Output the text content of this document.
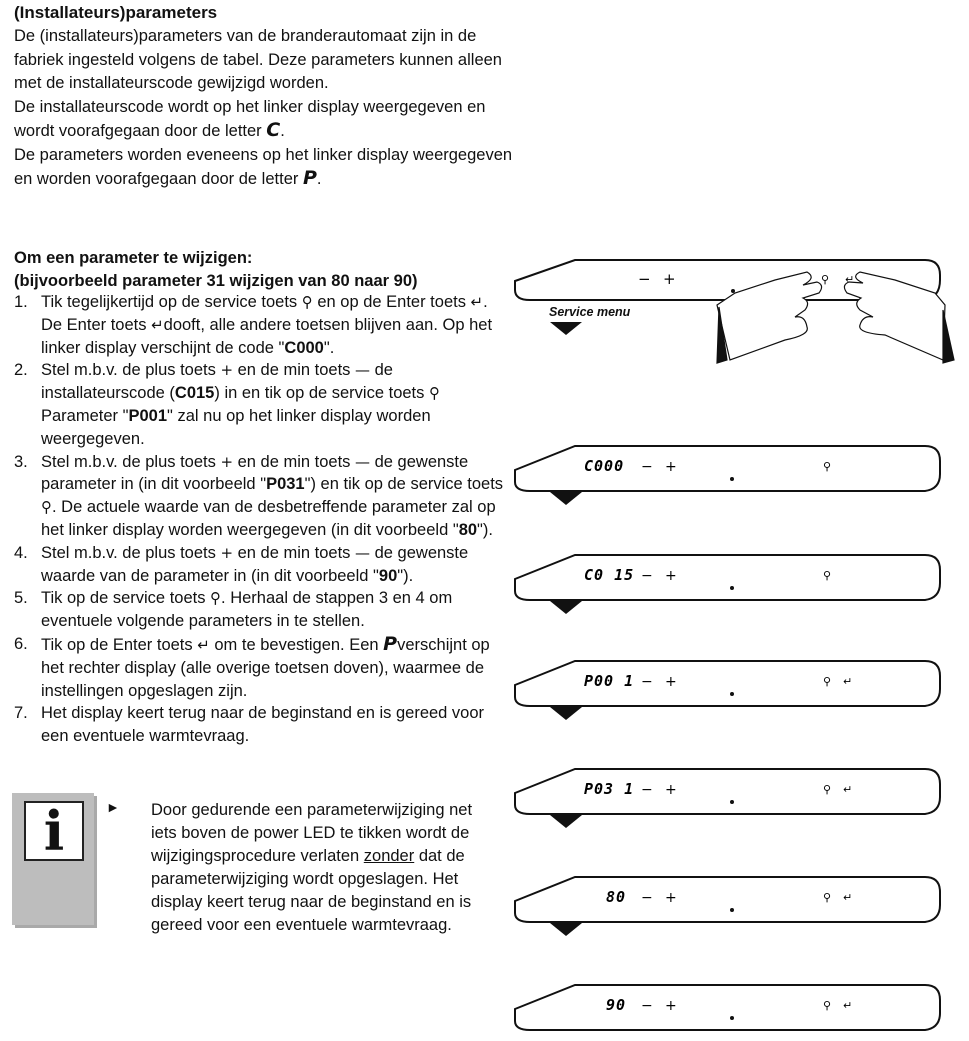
(Installateurs)parameters

De (installateurs)parameters van de branderautomaat zijn in de fabriek ingesteld volgens de tabel. Deze parameters kunnen alleen met de installateurscode gewijzigd worden.

De installateurscode wordt op het linker display weergegeven en wordt voorafgegaan door de letter C.

De parameters worden eveneens op het linker display weergegeven en worden voorafgegaan door de letter P.

Om een parameter te wijzigen:
(bijvoorbeeld parameter 31 wijzigen van 80 naar 90)
1. Tik tegelijkertijd op de service toets ⚲ en op de Enter toets ↵. De Enter toets ↵dooft, alle andere toetsen blijven aan. Op het linker display verschijnt de code "C000".
2. Stel m.b.v. de plus toets + en de min toets — de installateurscode (C015) in en tik op de service toets ⚲ Parameter "P001" zal nu op het linker display worden weergegeven.
3. Stel m.b.v. de plus toets + en de min toets — de gewenste parameter in (in dit voorbeeld "P031") en tik op de service toets ⚲. De actuele waarde van de desbetreffende parameter zal op het linker display worden weergegeven (in dit voorbeeld "80").
4. Stel m.b.v. de plus toets + en de min toets — de gewenste waarde van de parameter in (in dit voorbeeld "90").
5. Tik op de service toets ⚲. Herhaal de stappen 3 en 4 om eventuele volgende parameters in te stellen.
6. Tik op de Enter toets ↵ om te bevestigen. Een Pverschijnt op het rechter display (alle overige toetsen doven), waarmee de instellingen opgeslagen zijn.
7. Het display keert terug naar de beginstand en is gereed voor een eventuele warmtevraag.
i	► Door gedurende een parameterwijziging net iets boven de power LED te tikken wordt de wijzigingsprocedure verlaten zonder dat de parameterwijziging wordt opgeslagen. Het display keert terug naar de beginstand en is gereed voor een eventuele warmtevraag.
− +	⚲ ↵
Service menu
C000 − +	⚲
C0 15 − +	⚲
P00 1 − +	⚲ ↵
P03 1 − +	⚲ ↵
80 − +	⚲ ↵
90 − +	⚲ ↵
